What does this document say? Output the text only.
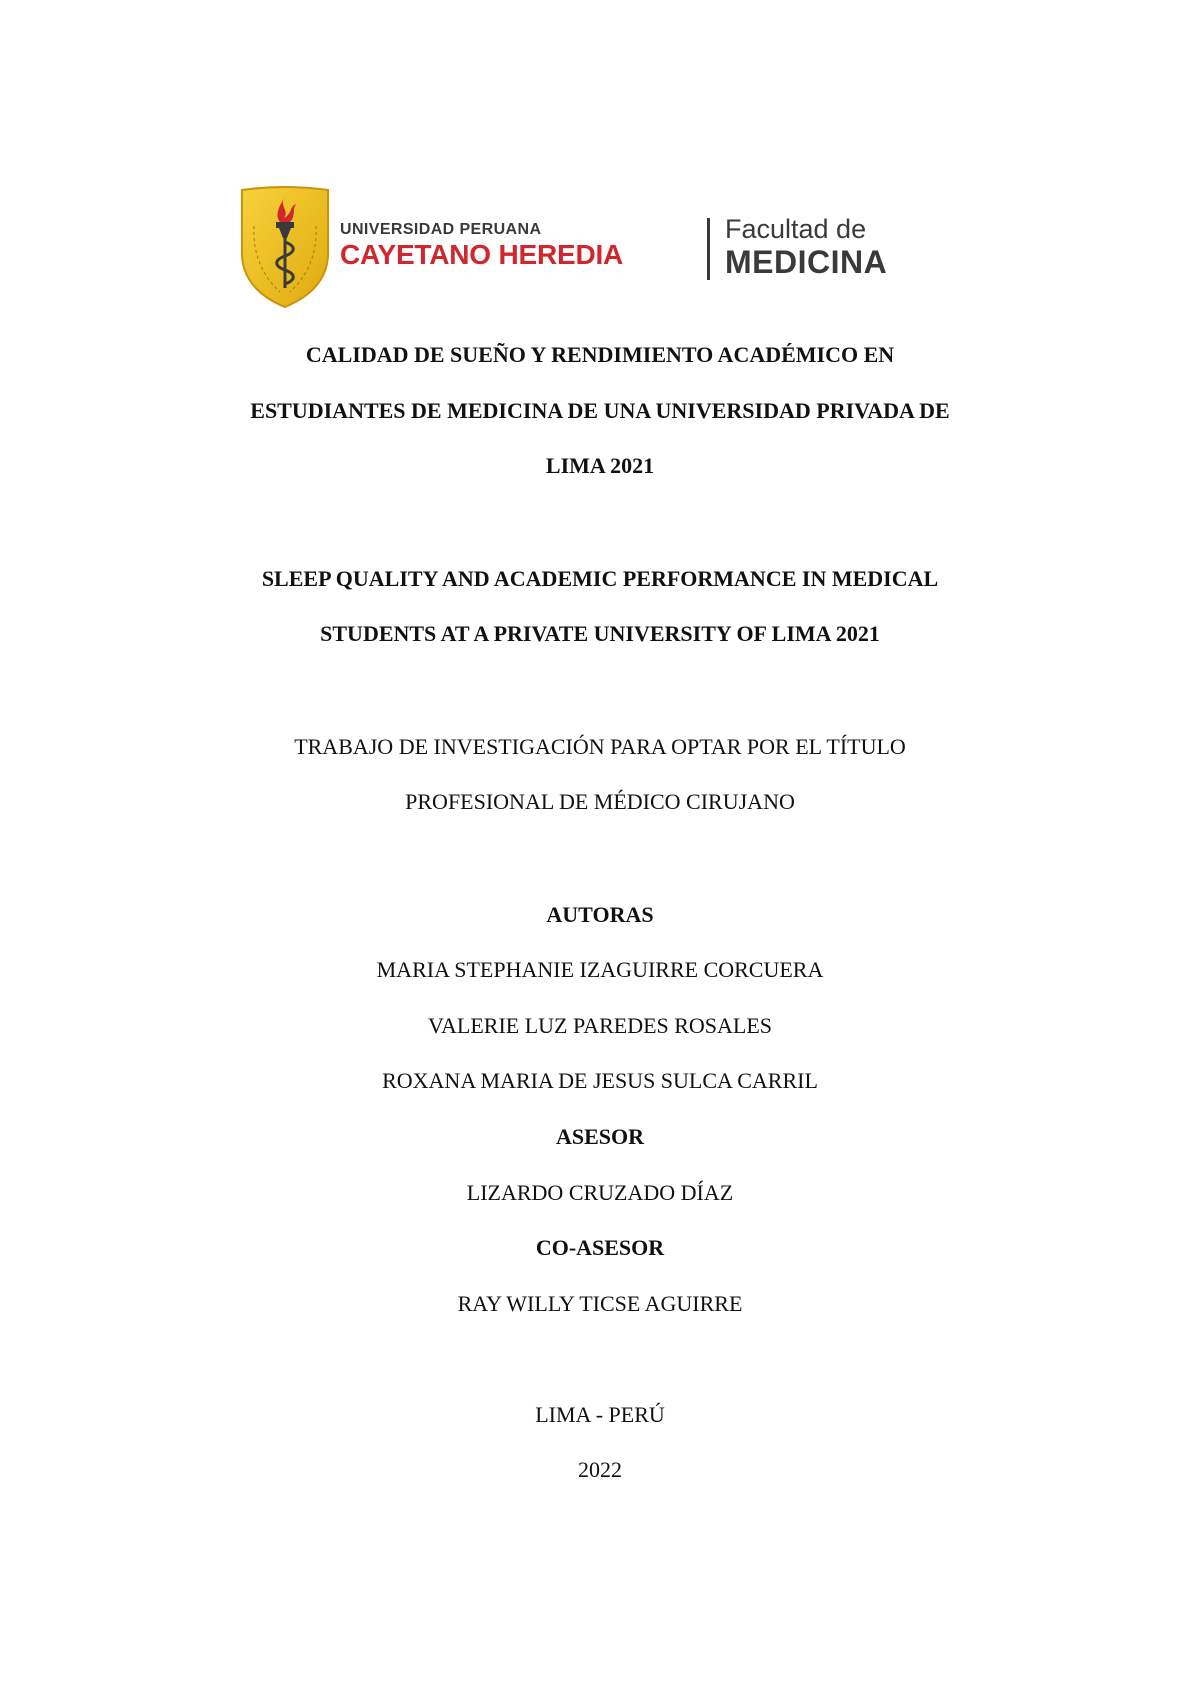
UNIVERSIDAD PERUANA
CAYETANO HEREDIA
Facultad de
MEDICINA
CALIDAD DE SUEÑO Y RENDIMIENTO ACADÉMICO EN
ESTUDIANTES DE MEDICINA DE UNA UNIVERSIDAD PRIVADA DE
LIMA 2021
SLEEP QUALITY AND ACADEMIC PERFORMANCE IN MEDICAL
STUDENTS AT A PRIVATE UNIVERSITY OF LIMA 2021
TRABAJO DE INVESTIGACIÓN PARA OPTAR POR EL TÍTULO
PROFESIONAL DE MÉDICO CIRUJANO
AUTORAS
MARIA STEPHANIE IZAGUIRRE CORCUERA
VALERIE LUZ PAREDES ROSALES
ROXANA MARIA DE JESUS SULCA CARRIL
ASESOR
LIZARDO CRUZADO DÍAZ
CO-ASESOR
RAY WILLY TICSE AGUIRRE
LIMA - PERÚ
2022
